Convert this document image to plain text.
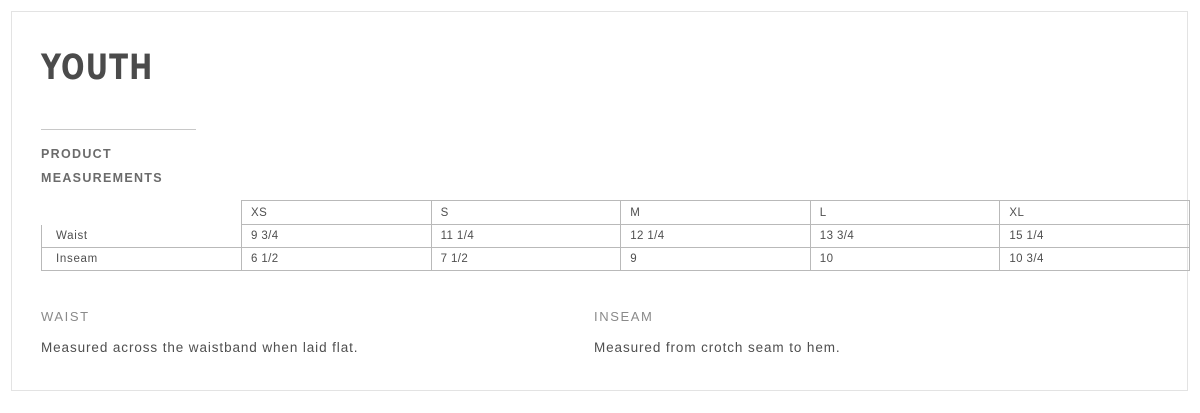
YOUTH
PRODUCT
MEASUREMENTS
	XS	S	M	L	XL
Waist	9 3/4	11 1/4	12 1/4	13 3/4	15 1/4
Inseam	6 1/2	7 1/2	9	10	10 3/4
WAIST
Measured across the waistband when laid flat.
INSEAM
Measured from crotch seam to hem.
